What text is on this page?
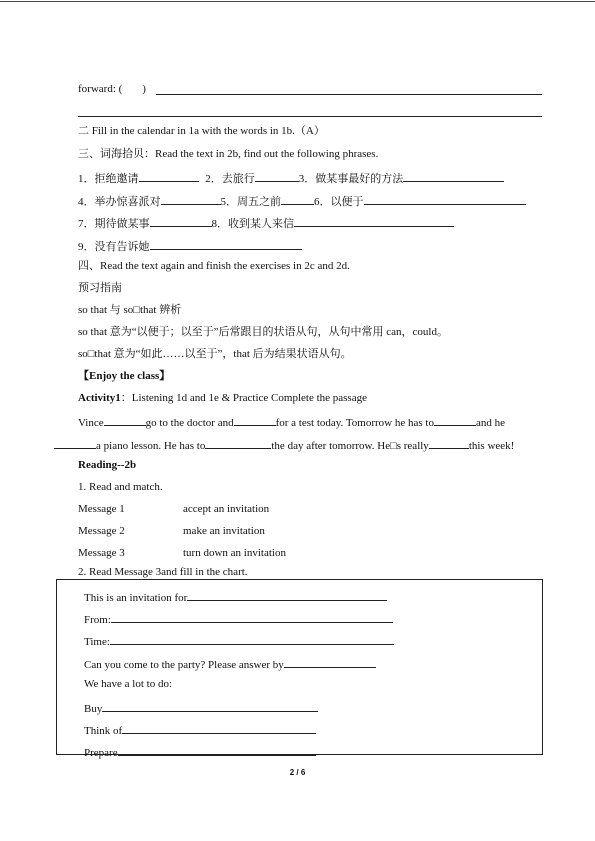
forward: ( )
二 Fill in the calendar in 1a with the words in 1b.（A）
三、词海拾贝：Read the text in 2b, find out the following phrases.
1．拒绝邀请	2．去旅行	3．做某事最好的方法
4．举办惊喜派对	5．周五之前	6．以便于
7．期待做某事	8．收到某人来信
9．没有告诉她
四、Read the text again and finish the exercises in 2c and 2d.
预习指南
so that 与 so□that 辨析
so that 意为“以便于；以至于”后常跟目的状语从句，从句中常用 can，could。
so□that 意为“如此……以至于”，that 后为结果状语从句。
【Enjoy the class】
Activity1：Listening 1d and 1e & Practice Complete the passage
Vince	go to the doctor and	for a test today. Tomorrow he has to	and he
a piano lesson. He has to	the day after tomorrow. He□s really	this week!
Reading--2b
1. Read and match.
Message 1	accept an invitation
Message 2	make an invitation
Message 3	turn down an invitation
2. Read Message 3and fill in the chart.
This is an invitation for
From:
Time:
Can you come to the party? Please answer by
We have a lot to do:
Buy
Think of
Prepare
2 / 6
